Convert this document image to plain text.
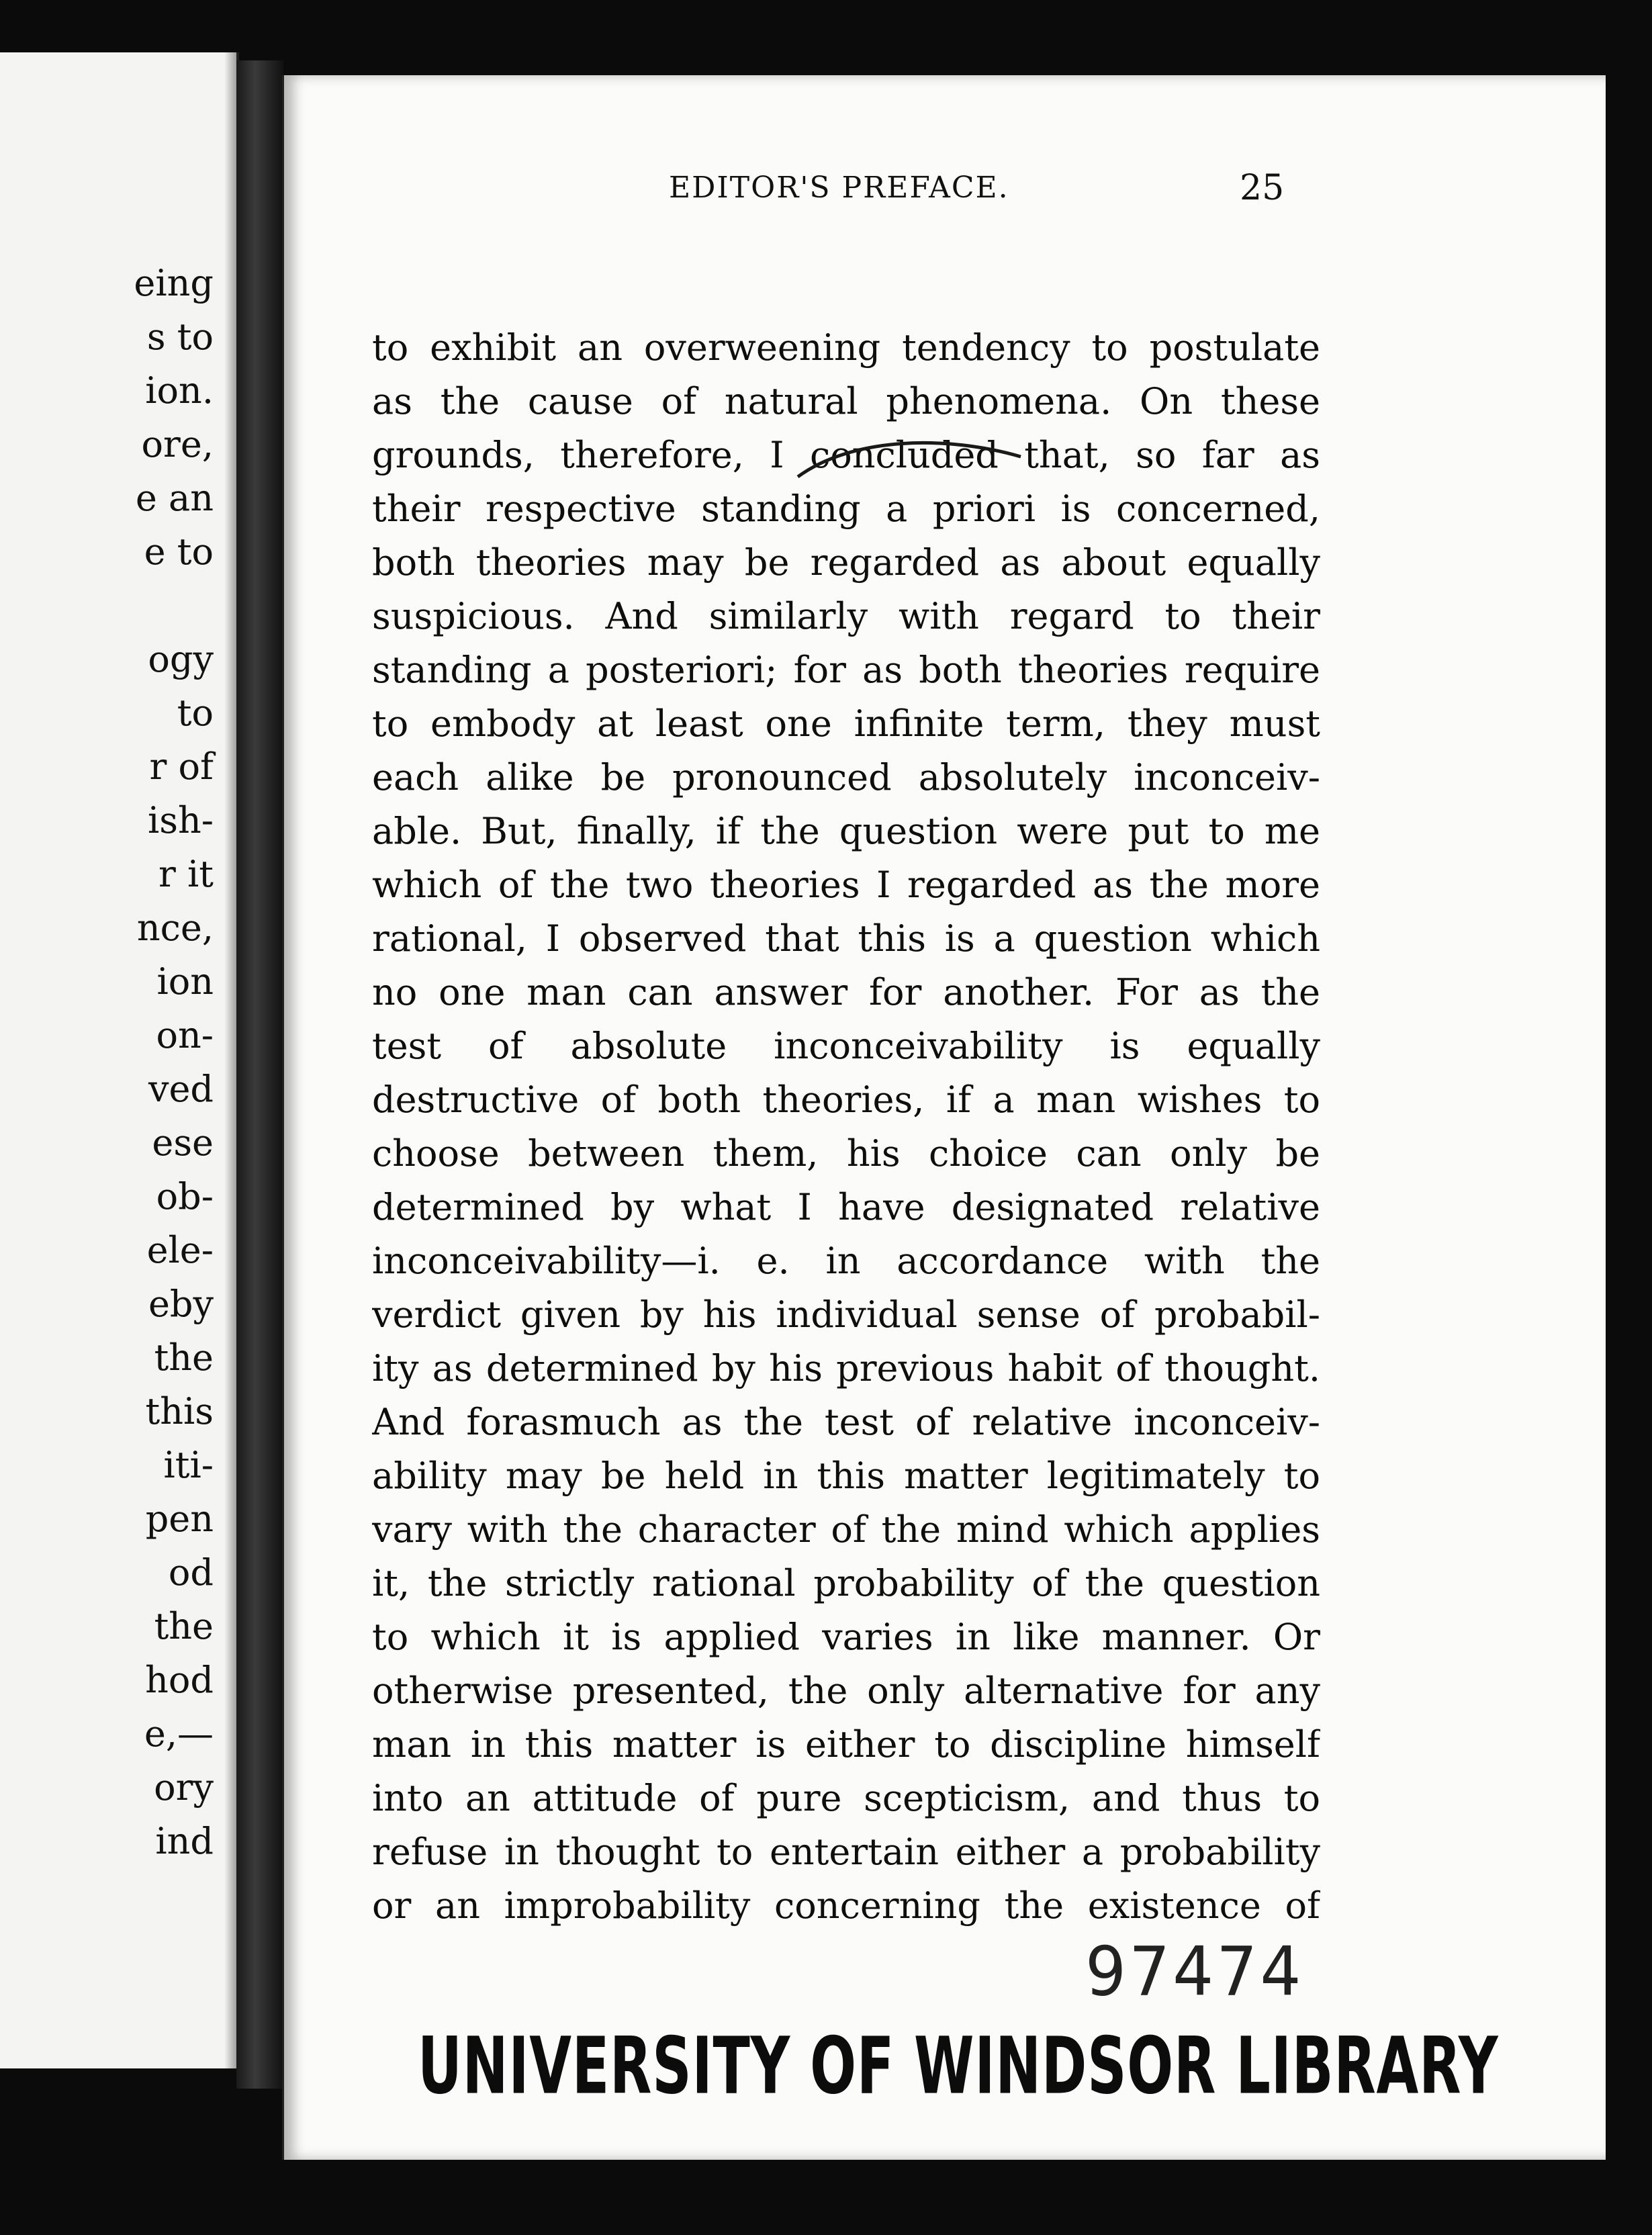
eing
s to
ion.
ore,
e an
e to
ogy
to
r of
ish-
r it
nce,
ion
on-
ved
ese
ob-
ele-
eby
the
this
iti-
pen
od
the
hod
e,—
ory
ind
EDITOR'S PREFACE.	25
to exhibit an overweening tendency to postulate
as the cause of natural phenomena. On these
grounds, therefore, I concluded that, so far as
their respective standing a priori is concerned,
both theories may be regarded as about equally
suspicious. And similarly with regard to their
standing a posteriori; for as both theories require
to embody at least one infinite term, they must
each alike be pronounced absolutely inconceiv-
able. But, finally, if the question were put to me
which of the two theories I regarded as the more
rational, I observed that this is a question which
no one man can answer for another. For as the
test of absolute inconceivability is equally
destructive of both theories, if a man wishes to
choose between them, his choice can only be
determined by what I have designated relative
inconceivability—i. e. in accordance with the
verdict given by his individual sense of probabil-
ity as determined by his previous habit of thought.
And forasmuch as the test of relative inconceiv-
ability may be held in this matter legitimately to
vary with the character of the mind which applies
it, the strictly rational probability of the question
to which it is applied varies in like manner. Or
otherwise presented, the only alternative for any
man in this matter is either to discipline himself
into an attitude of pure scepticism, and thus to
refuse in thought to entertain either a probability
or an improbability concerning the existence of
97474
UNIVERSITY OF WINDSOR LIBRARY
